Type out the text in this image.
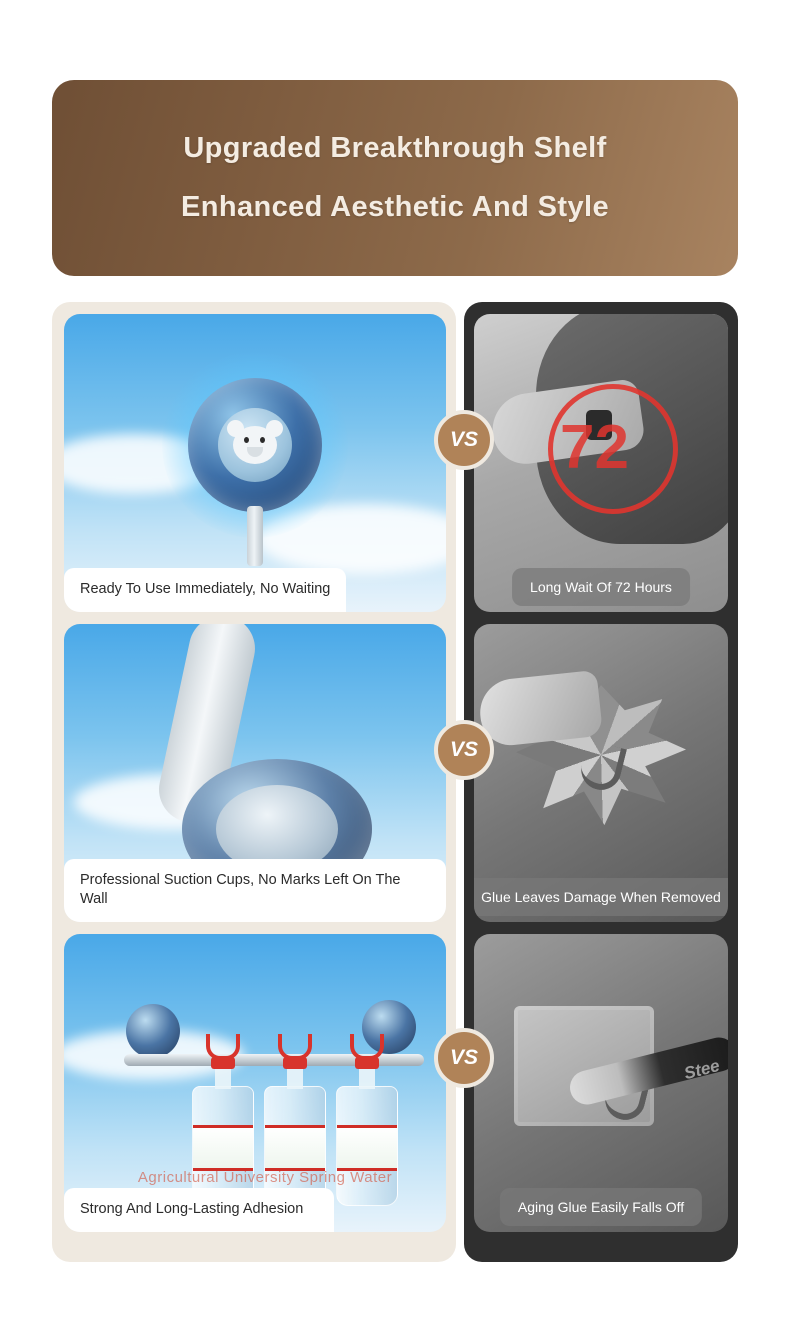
Upgraded Breakthrough Shelf
Enhanced Aesthetic And Style
Ready To Use Immediately, No Waiting
Professional Suction Cups, No Marks Left On The Wall
Agricultural University Spring Water
Strong And Long-Lasting Adhesion
72
Long Wait Of 72 Hours
Glue Leaves Damage When Removed
Stee
Aging Glue Easily Falls Off
VS
VS
VS
